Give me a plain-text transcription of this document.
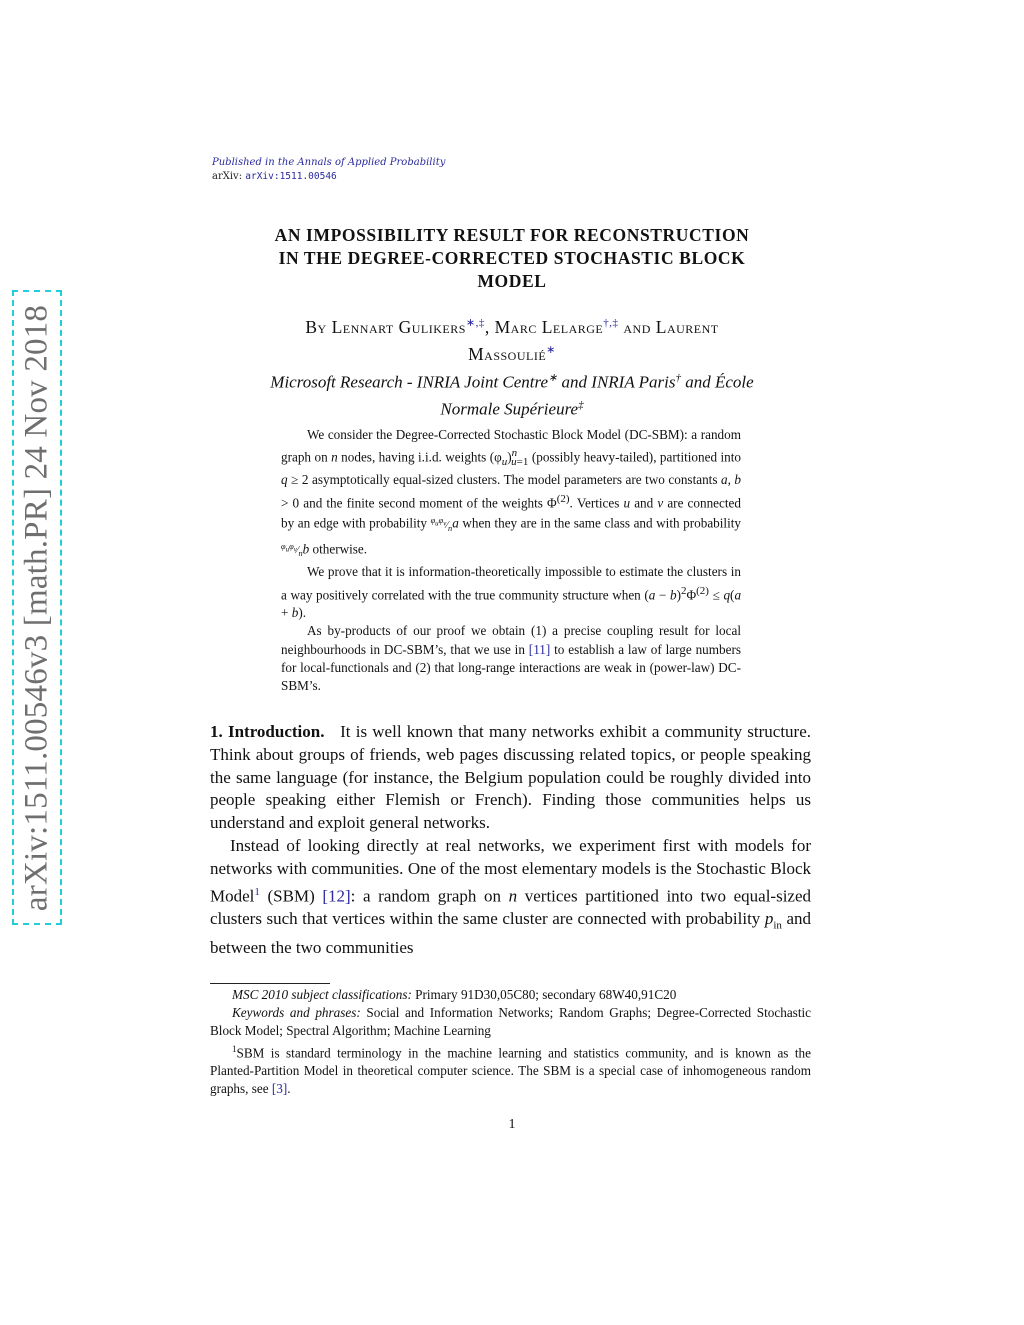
arXiv:1511.00546v3 [math.PR] 24 Nov 2018
Published in the Annals of Applied Probability
arXiv: arXiv:1511.00546
AN IMPOSSIBILITY RESULT FOR RECONSTRUCTION
IN THE DEGREE-CORRECTED STOCHASTIC BLOCK
MODEL
By Lennart Gulikers∗,‡, Marc Lelarge†,‡ and Laurent
Massoulié∗
Microsoft Research - INRIA Joint Centre∗ and INRIA Paris† and École
Normale Supérieure‡

We consider the Degree-Corrected Stochastic Block Model (DC-SBM): a random graph on n nodes, having i.i.d. weights $(\varphi_u)^n_{u=1}$ (possibly heavy-tailed), partitioned into q ≥ 2 asymptotically equal-sized clusters. The model parameters are two constants a, b > 0 and the finite second moment of the weights $\Phi^{(2)}$. Vertices u and v are connected by an edge with probability $^{\varphi_u\varphi_v}⁄_na$ when they are in the same class and with probability $^{\varphi_u\varphi_v}⁄_nb$ otherwise.

We prove that it is information-theoretically impossible to estimate the clusters in a way positively correlated with the true community structure when $(a - b)^2\Phi^{(2)} \le q(a + b)$.

As by-products of our proof we obtain (1) a precise coupling result for local neighbourhoods in DC-SBM’s, that we use in [11] to establish a law of large numbers for local-functionals and (2) that long-range interactions are weak in (power-law) DC-SBM’s.

1. Introduction. It is well known that many networks exhibit a community structure. Think about groups of friends, web pages discussing related topics, or people speaking the same language (for instance, the Belgium population could be roughly divided into people speaking either Flemish or French). Finding those communities helps us understand and exploit general networks.

Instead of looking directly at real networks, we experiment first with models for networks with communities. One of the most elementary models is the Stochastic Block Model$^1$ (SBM) [12]: a random graph on n vertices partitioned into two equal-sized clusters such that vertices within the same cluster are connected with probability $p_{in}$ and between the two communities

MSC 2010 subject classifications: Primary 91D30,05C80; secondary 68W40,91C20

Keywords and phrases: Social and Information Networks; Random Graphs; Degree-Corrected Stochastic Block Model; Spectral Algorithm; Machine Learning

$^1$SBM is standard terminology in the machine learning and statistics community, and is known as the Planted-Partition Model in theoretical computer science. The SBM is a special case of inhomogeneous random graphs, see [3].

1
